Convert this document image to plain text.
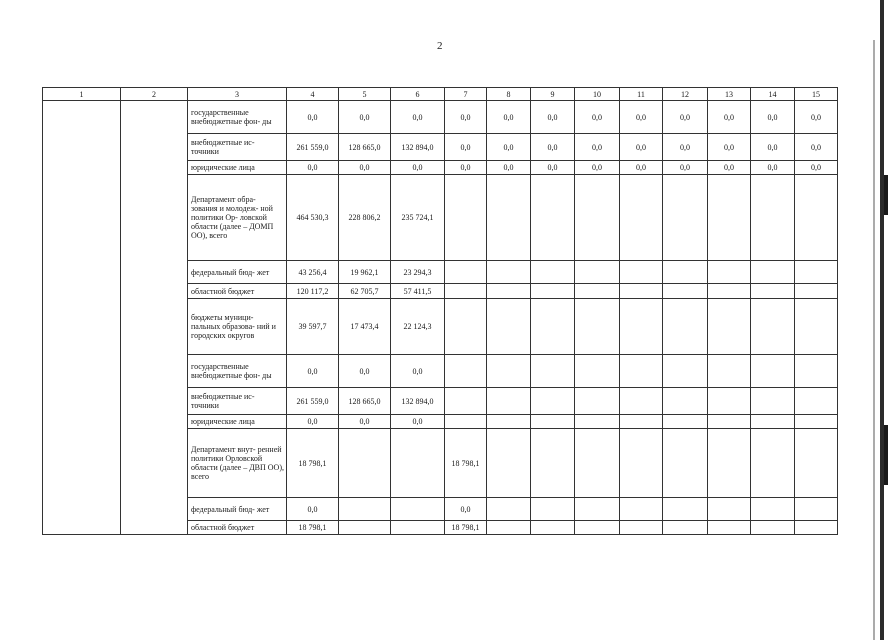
2
1	2	3	4	5	6	7	8	9	10	11	12	13	14	15
		государственные внебюджетные фон- ды	0,0	0,0	0,0	0,0	0,0	0,0	0,0	0,0	0,0	0,0	0,0	0,0
		внебюджетные ис- точники	261 559,0	128 665,0	132 894,0	0,0	0,0	0,0	0,0	0,0	0,0	0,0	0,0	0,0
		юридические лица	0,0	0,0	0,0	0,0	0,0	0,0	0,0	0,0	0,0	0,0	0,0	0,0
		Департамент обра- зования и молодеж- ной политики Ор- ловской области (далее – ДОМП ОО), всего	464 530,3	228 806,2	235 724,1									
		федеральный бюд- жет	43 256,4	19 962,1	23 294,3									
		областной бюджет	120 117,2	62 705,7	57 411,5									
		бюджеты муници- пальных образова- ний и городских округов	39 597,7	17 473,4	22 124,3									
		государственные внебюджетные фон- ды	0,0	0,0	0,0									
		внебюджетные ис- точники	261 559,0	128 665,0	132 894,0									
		юридические лица	0,0	0,0	0,0									
		Департамент внут- ренней политики Орловской области (далее – ДВП ОО), всего	18 798,1			18 798,1								
		федеральный бюд- жет	0,0			0,0								
		областной бюджет	18 798,1			18 798,1								
